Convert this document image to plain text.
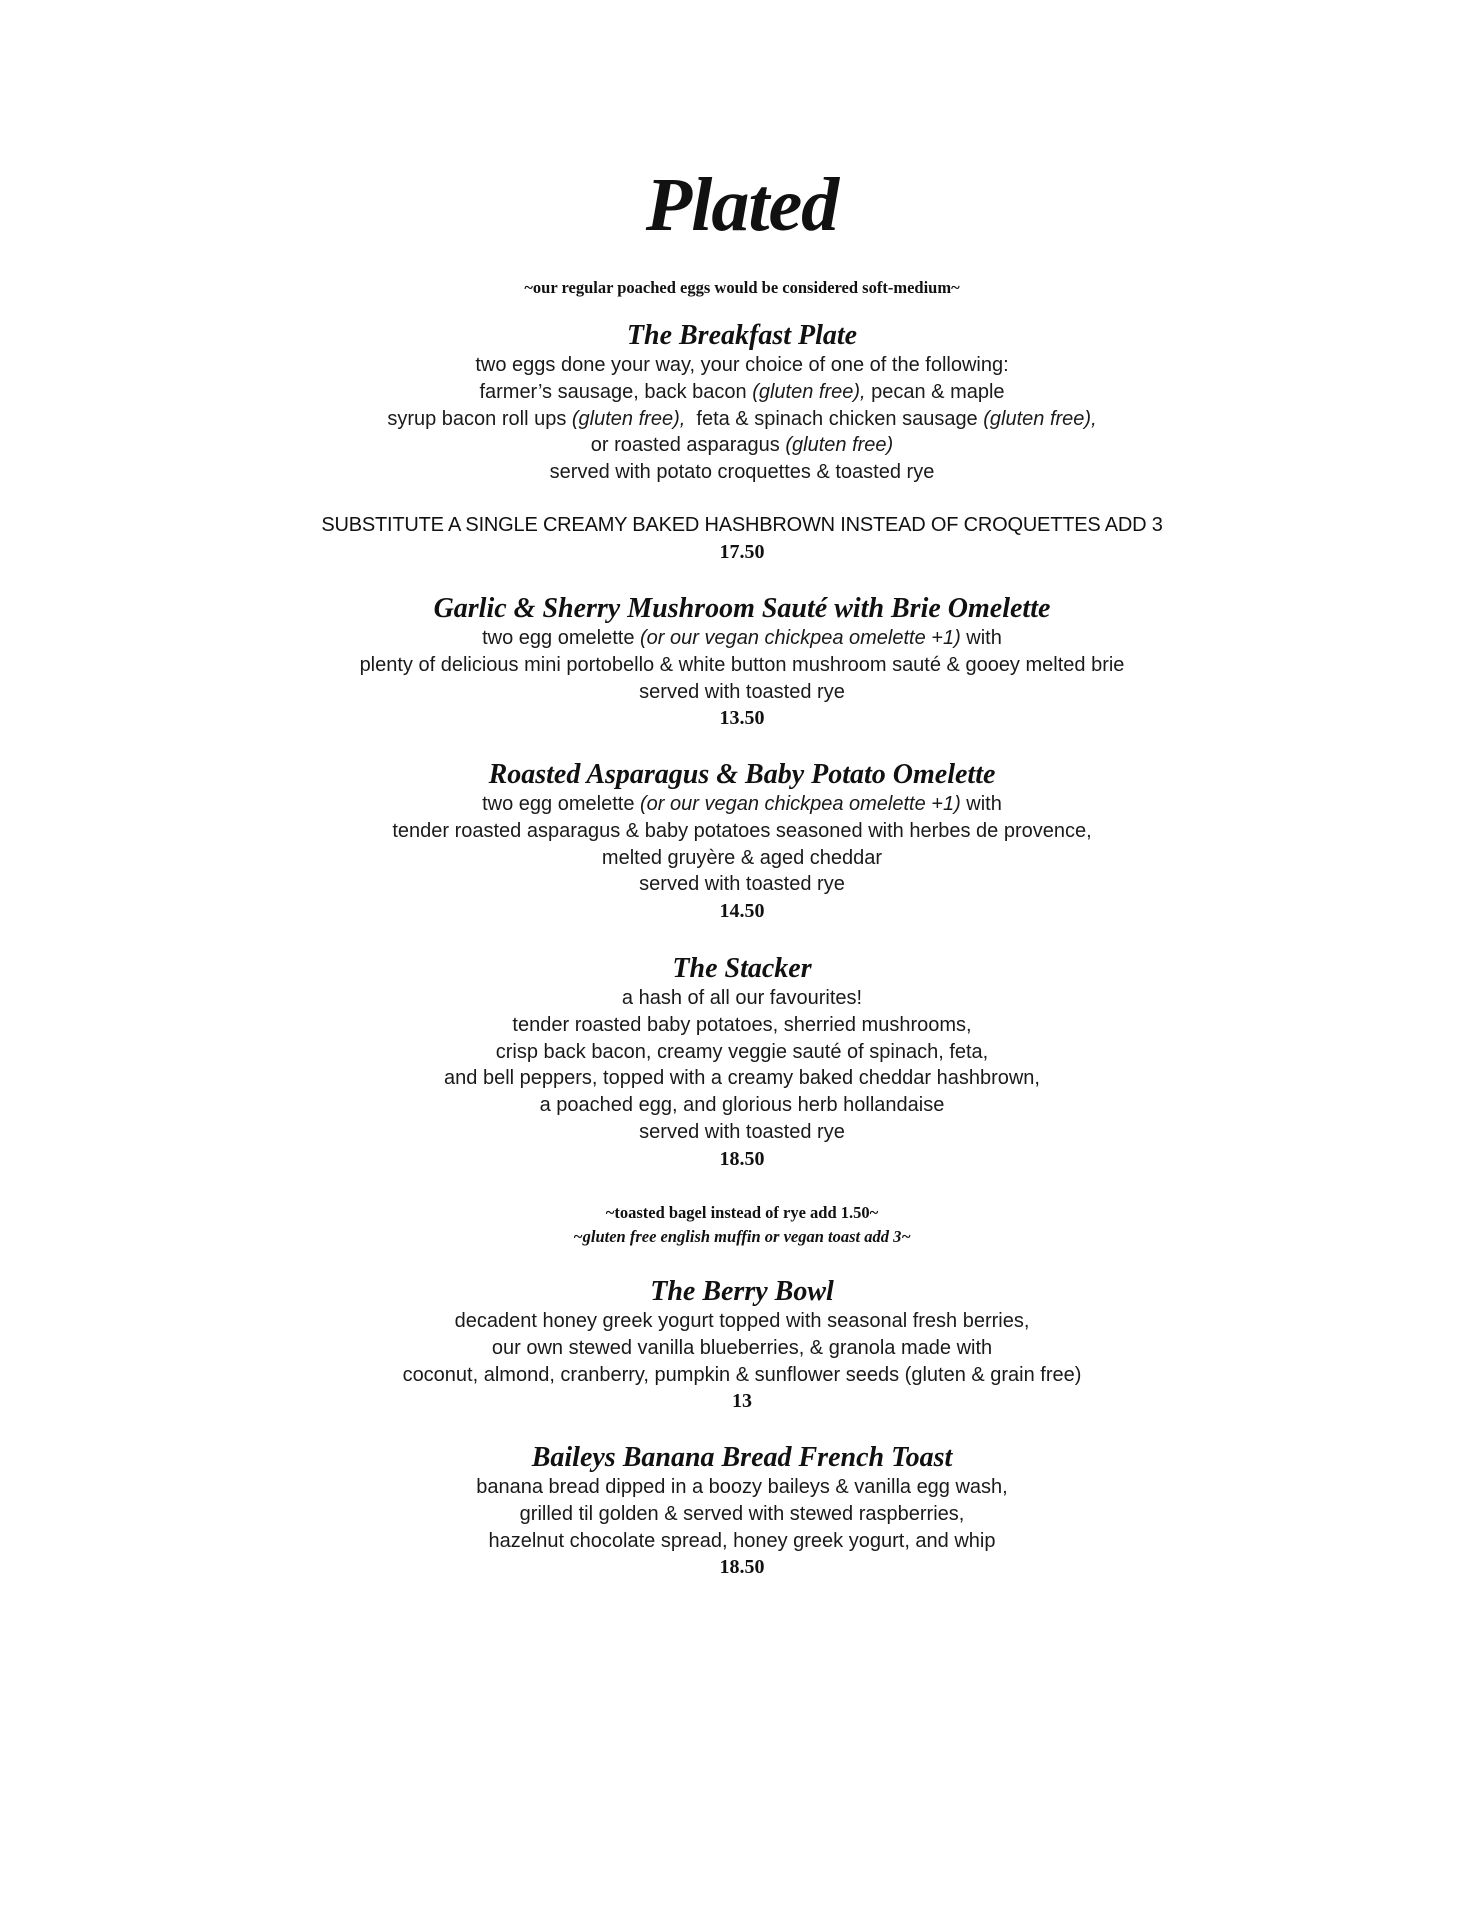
Plated
~our regular poached eggs would be considered soft-medium~
The Breakfast Plate
two eggs done your way, your choice of one of the following:
farmer’s sausage, back bacon (gluten free), pecan & maple
syrup bacon roll ups (gluten free),  feta & spinach chicken sausage (gluten free),
or roasted asparagus (gluten free)
served with potato croquettes & toasted rye
SUBSTITUTE A SINGLE CREAMY BAKED HASHBROWN INSTEAD OF CROQUETTES ADD 3
17.50
Garlic & Sherry Mushroom Sauté with Brie Omelette
two egg omelette (or our vegan chickpea omelette +1) with
plenty of delicious mini portobello & white button mushroom sauté & gooey melted brie
served with toasted rye
13.50
Roasted Asparagus & Baby Potato Omelette
two egg omelette (or our vegan chickpea omelette +1) with
tender roasted asparagus & baby potatoes seasoned with herbes de provence,
melted gruyère & aged cheddar
served with toasted rye
14.50
The Stacker
a hash of all our favourites!
tender roasted baby potatoes, sherried mushrooms,
crisp back bacon, creamy veggie sauté of spinach, feta,
and bell peppers, topped with a creamy baked cheddar hashbrown,
a poached egg, and glorious herb hollandaise
served with toasted rye
18.50
~toasted bagel instead of rye add 1.50~
~gluten free english muffin or vegan toast add 3~
The Berry Bowl
decadent honey greek yogurt topped with seasonal fresh berries,
our own stewed vanilla blueberries, & granola made with
coconut, almond, cranberry, pumpkin & sunflower seeds (gluten & grain free)
13
Baileys Banana Bread French Toast
banana bread dipped in a boozy baileys & vanilla egg wash,
grilled til golden & served with stewed raspberries,
hazelnut chocolate spread, honey greek yogurt, and whip
18.50
